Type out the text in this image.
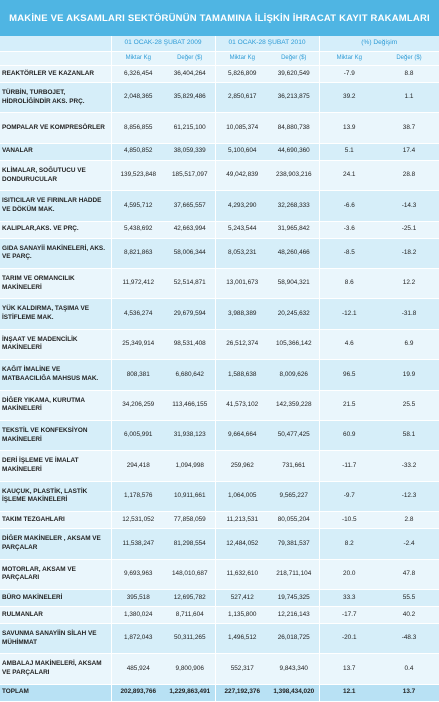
MAKİNE VE AKSAMLARI SEKTÖRÜNÜN TAMAMINA İLİŞKİN İHRACAT KAYIT RAKAMLARI
	01 OCAK-28 ŞUBAT 2009		01 OCAK-28 ŞUBAT 2010		(%) Değişim	
	Miktar Kg	Değer ($)	Miktar Kg	Değer ($)	Miktar Kg	Değer ($)
REAKTÖRLER VE KAZANLAR	6,326,454	36,404,264	5,826,809	39,620,549	-7.9	8.8
TÜRBİN, TURBOJET, HİDROLİĞİNDİR AKS. PRÇ.	2,048,365	35,829,486	2,850,617	36,213,875	39.2	1.1
POMPALAR VE KOMPRESÖRLER	8,856,855	61,215,100	10,085,374	84,880,738	13.9	38.7
VANALAR	4,850,852	38,059,339	5,100,604	44,690,360	5.1	17.4
KLİMALAR, SOĞUTUCU VE DONDURUCULAR	139,523,848	185,517,097	49,042,839	238,903,216	24.1	28.8
ISITICILAR VE FIRINLAR HADDE VE DÖKÜM MAK.	4,595,712	37,665,557	4,293,290	32,268,333	-6.6	-14.3
KALIPLAR,AKS. VE PRÇ.	5,438,692	42,663,994	5,243,544	31,965,842	-3.6	-25.1
GIDA SANAYİİ MAKİNELERİ, AKS. VE PARÇ.	8,821,863	58,006,344	8,053,231	48,260,466	-8.5	-18.2
TARIM VE ORMANCILIK MAKİNELERİ	11,972,412	52,514,871	13,001,673	58,904,321	8.6	12.2
YÜK KALDIRMA, TAŞIMA VE İSTİFLEME MAK.	4,536,274	29,679,594	3,988,389	20,245,632	-12.1	-31.8
İNŞAAT VE MADENCİLİK MAKİNELERİ	25,349,914	98,531,408	26,512,374	105,366,142	4.6	6.9
KAĞIT İMALİNE VE MATBAACILIĞA MAHSUS MAK.	808,381	6,680,642	1,588,638	8,009,626	96.5	19.9
DİĞER YIKAMA, KURUTMA MAKİNELERİ	34,206,259	113,466,155	41,573,102	142,359,228	21.5	25.5
TEKSTİL VE KONFEKSİYON MAKİNELERİ	6,005,991	31,938,123	9,664,664	50,477,425	60.9	58.1
DERİ İŞLEME VE İMALAT MAKİNELERİ	294,418	1,094,998	259,962	731,661	-11.7	-33.2
KAUÇUK, PLASTİK, LASTİK İŞLEME MAKİNELERİ	1,178,576	10,911,661	1,064,005	9,565,227	-9.7	-12.3
TAKIM TEZGAHLARI	12,531,052	77,858,059	11,213,531	80,055,204	-10.5	2.8
DİĞER MAKİNELER , AKSAM VE PARÇALAR	11,538,247	81,298,554	12,484,052	79,381,537	8.2	-2.4
MOTORLAR, AKSAM VE PARÇALARI	9,693,963	148,010,687	11,632,610	218,711,104	20.0	47.8
BÜRO MAKİNELERİ	395,518	12,695,782	527,412	19,745,325	33.3	55.5
RULMANLAR	1,380,024	8,711,604	1,135,800	12,216,143	-17.7	40.2
SAVUNMA SANAYİİN SİLAH VE MÜHİMMAT	1,872,043	50,311,265	1,496,512	26,018,725	-20.1	-48.3
AMBALAJ MAKİNELERİ, AKSAM VE PARÇALARI	485,924	9,800,906	552,317	9,843,340	13.7	0.4
TOPLAM	202,893,766	1,229,863,491	227,192,376	1,398,434,020	12.1	13.7
